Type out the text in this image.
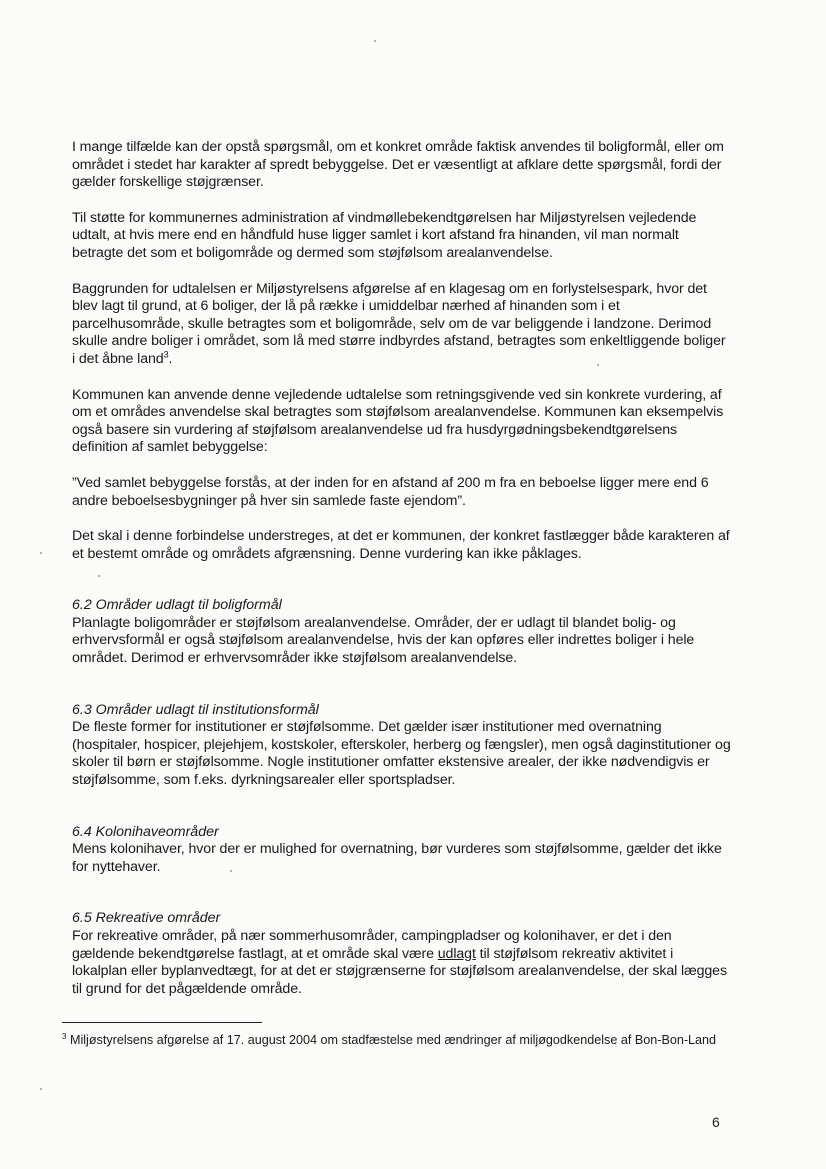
I mange tilfælde kan der opstå spørgsmål, om et konkret område faktisk anvendes til boligformål, eller om området i stedet har karakter af spredt bebyggelse. Det er væsentligt at afklare dette spørgsmål, fordi der gælder forskellige støjgrænser.

Til støtte for kommunernes administration af vindmøllebekendtgørelsen har Miljøstyrelsen vejledende udtalt, at hvis mere end en håndfuld huse ligger samlet i kort afstand fra hinanden, vil man normalt betragte det som et boligområde og dermed som støjfølsom arealanvendelse.

Baggrunden for udtalelsen er Miljøstyrelsens afgørelse af en klagesag om en forlystelsespark, hvor det blev lagt til grund, at 6 boliger, der lå på række i umiddelbar nærhed af hinanden som i et parcelhusområde, skulle betragtes som et boligområde, selv om de var beliggende i landzone. Derimod skulle andre boliger i området, som lå med større indbyrdes afstand, betragtes som enkeltliggende boliger i det åbne land$^3$.

Kommunen kan anvende denne vejledende udtalelse som retningsgivende ved sin konkrete vurdering, af om et områdes anvendelse skal betragtes som støjfølsom arealanvendelse. Kommunen kan eksempelvis også basere sin vurdering af støjfølsom arealanvendelse ud fra husdyrgødningsbekendtgørelsens definition af samlet bebyggelse:

”Ved samlet bebyggelse forstås, at der inden for en afstand af 200 m fra en beboelse ligger mere end 6 andre beboelsesbygninger på hver sin samlede faste ejendom”.

Det skal i denne forbindelse understreges, at det er kommunen, der konkret fastlægger både karakteren af et bestemt område og områdets afgrænsning. Denne vurdering kan ikke påklages.

6.2 Områder udlagt til boligformål

Planlagte boligområder er støjfølsom arealanvendelse. Områder, der er udlagt til blandet bolig- og erhvervsformål er også støjfølsom arealanvendelse, hvis der kan opføres eller indrettes boliger i hele området. Derimod er erhvervsområder ikke støjfølsom arealanvendelse.

6.3 Områder udlagt til institutionsformål

De fleste former for institutioner er støjfølsomme. Det gælder især institutioner med overnatning (hospitaler, hospicer, plejehjem, kostskoler, efterskoler, herberg og fængsler), men også daginstitutioner og skoler til børn er støjfølsomme. Nogle institutioner omfatter ekstensive arealer, der ikke nødvendigvis er støjfølsomme, som f.eks. dyrkningsarealer eller sportspladser.

6.4 Kolonihaveområder

Mens kolonihaver, hvor der er mulighed for overnatning, bør vurderes som støjfølsomme, gælder det ikke for nyttehaver.

6.5 Rekreative områder

For rekreative områder, på nær sommerhusområder, campingpladser og kolonihaver, er det i den gældende bekendtgørelse fastlagt, at et område skal være udlagt til støjfølsom rekreativ aktivitet i lokalplan eller byplanvedtægt, for at det er støjgrænserne for støjfølsom arealanvendelse, der skal lægges til grund for det pågældende område.

$^3$ Miljøstyrelsens afgørelse af 17. august 2004 om stadfæstelse med ændringer af miljøgodkendelse af Bon-Bon-Land
6
